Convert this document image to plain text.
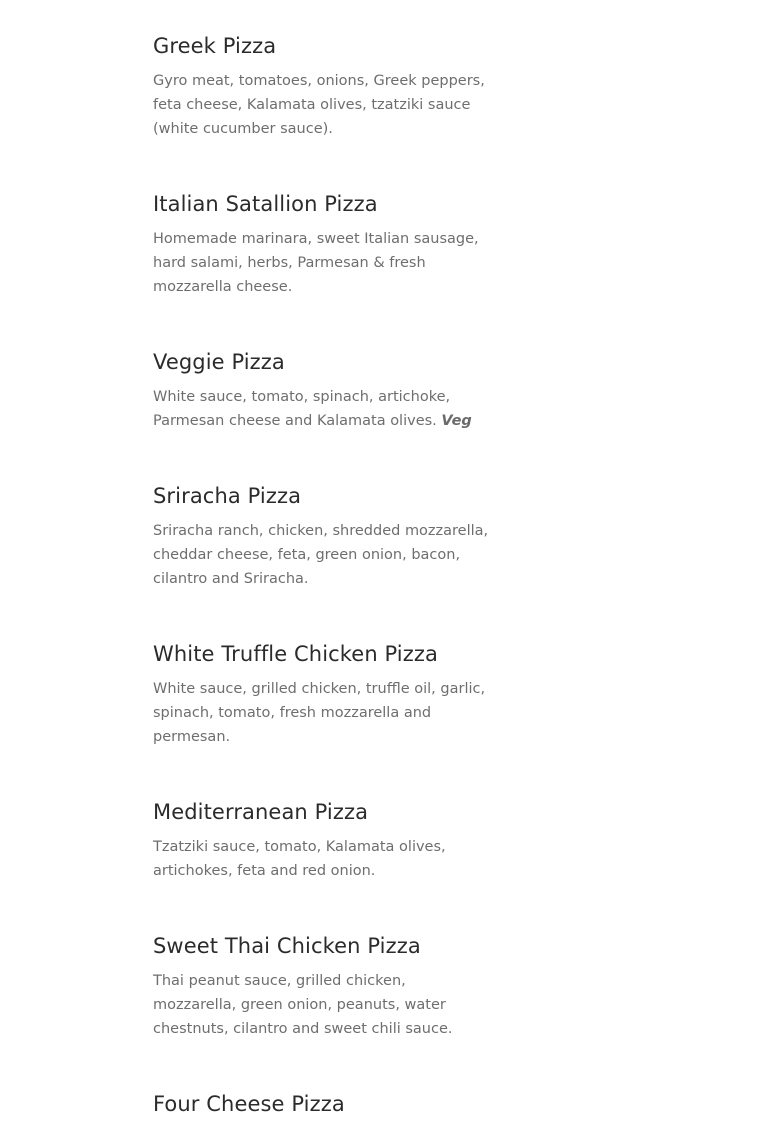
Greek Pizza

Gyro meat, tomatoes, onions, Greek peppers, feta cheese, Kalamata olives, tzatziki sauce (white cucumber sauce).

Italian Satallion Pizza

Homemade marinara, sweet Italian sausage, hard salami, herbs, Parmesan & fresh mozzarella cheese.

Veggie Pizza

White sauce, tomato, spinach, artichoke, Parmesan cheese and Kalamata olives. Veg

Sriracha Pizza

Sriracha ranch, chicken, shredded mozzarella, cheddar cheese, feta, green onion, bacon, cilantro and Sriracha.

White Truffle Chicken Pizza

White sauce, grilled chicken, truffle oil, garlic, spinach, tomato, fresh mozzarella and permesan.

Mediterranean Pizza

Tzatziki sauce, tomato, Kalamata olives, artichokes, feta and red onion.

Sweet Thai Chicken Pizza

Thai peanut sauce, grilled chicken, mozzarella, green onion, peanuts, water chestnuts, cilantro and sweet chili sauce.

Four Cheese Pizza
